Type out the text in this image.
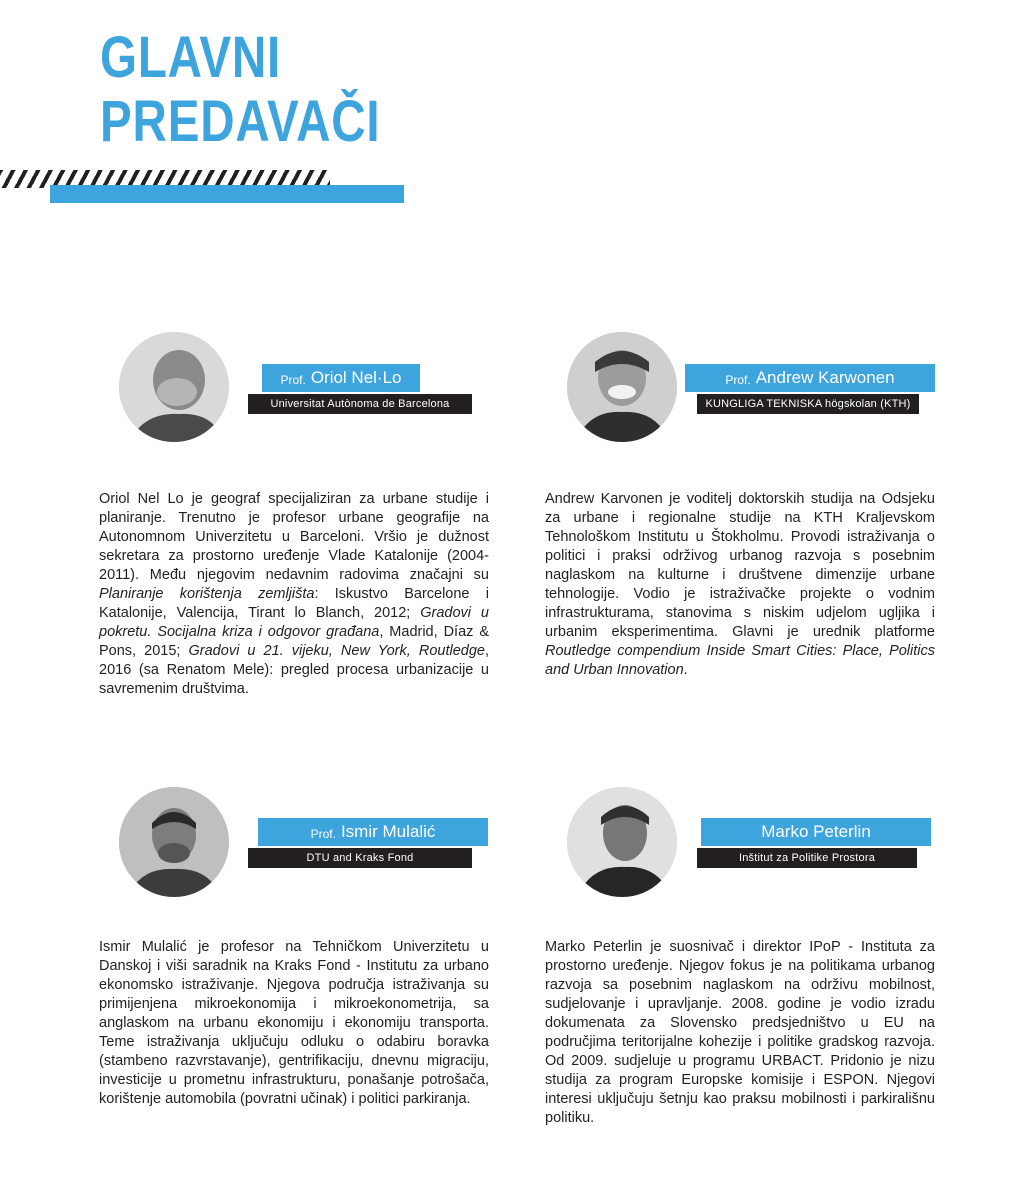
GLAVNI
PREDAVAČI
Prof. Oriol Nel·Lo
Universitat Autònoma de Barcelona

Oriol Nel Lo je geograf specijaliziran za urbane studije i planiranje. Trenutno je profesor urbane geografije na Autonomnom Univerzitetu u Barceloni. Vršio je dužnost sekretara za prostorno uređenje Vlade Katalonije (2004-2011). Među njegovim nedavnim radovima značajni su Planiranje korištenja zemljišta: Iskustvo Barcelone i Katalonije, Valencija, Tirant lo Blanch, 2012; Gradovi u pokretu. Socijalna kriza i odgovor građana, Madrid, Díaz & Pons, 2015; Gradovi u 21. vijeku, New York, Routledge, 2016 (sa Renatom Mele): pregled procesa urbanizacije u savremenim društvima.

Prof. Andrew Karwonen
KUNGLIGA TEKNISKA högskolan (KTH)

Andrew Karvonen je voditelj doktorskih studija na Odsjeku za urbane i regionalne studije na KTH Kraljevskom Tehnološkom Institutu u Štokholmu. Provodi istraživanja o politici i praksi održivog urbanog razvoja s posebnim naglaskom na kulturne i društvene dimenzije urbane tehnologije. Vodio je istraživačke projekte o vodnim infrastrukturama, stanovima s niskim udjelom ugljika i urbanim eksperimentima. Glavni je urednik platforme Routledge compendium Inside Smart Cities: Place, Politics and Urban Innovation.

Prof. Ismir Mulalić
DTU and Kraks Fond

Ismir Mulalić je profesor na Tehničkom Univerzitetu u Danskoj i viši saradnik na Kraks Fond - Institutu za urbano ekonomsko istraživanje. Njegova područja istraživanja su primijenjena mikroekonomija i mikroekonometrija, sa anglaskom na urbanu ekonomiju i ekonomiju transporta. Teme istraživanja uključuju odluku o odabiru boravka (stambeno razvrstavanje), gentrifikaciju, dnevnu migraciju, investicije u prometnu infrastrukturu, ponašanje potrošača, korištenje automobila (povratni učinak) i politici parkiranja.

Marko Peterlin
Inštitut za Politike Prostora

Marko Peterlin je suosnivač i direktor IPoP - Instituta za prostorno uređenje. Njegov fokus je na politikama urbanog razvoja sa posebnim naglaskom na održivu mobilnost, sudjelovanje i upravljanje. 2008. godine je vodio izradu dokumenata za Slovensko predsjedništvo u EU na područjima teritorijalne kohezije i politike gradskog razvoja. Od 2009. sudjeluje u programu URBACT. Pridonio je nizu studija za program Europske komisije i ESPON. Njegovi interesi uključuju šetnju kao praksu mobilnosti i parkirališnu politiku.
